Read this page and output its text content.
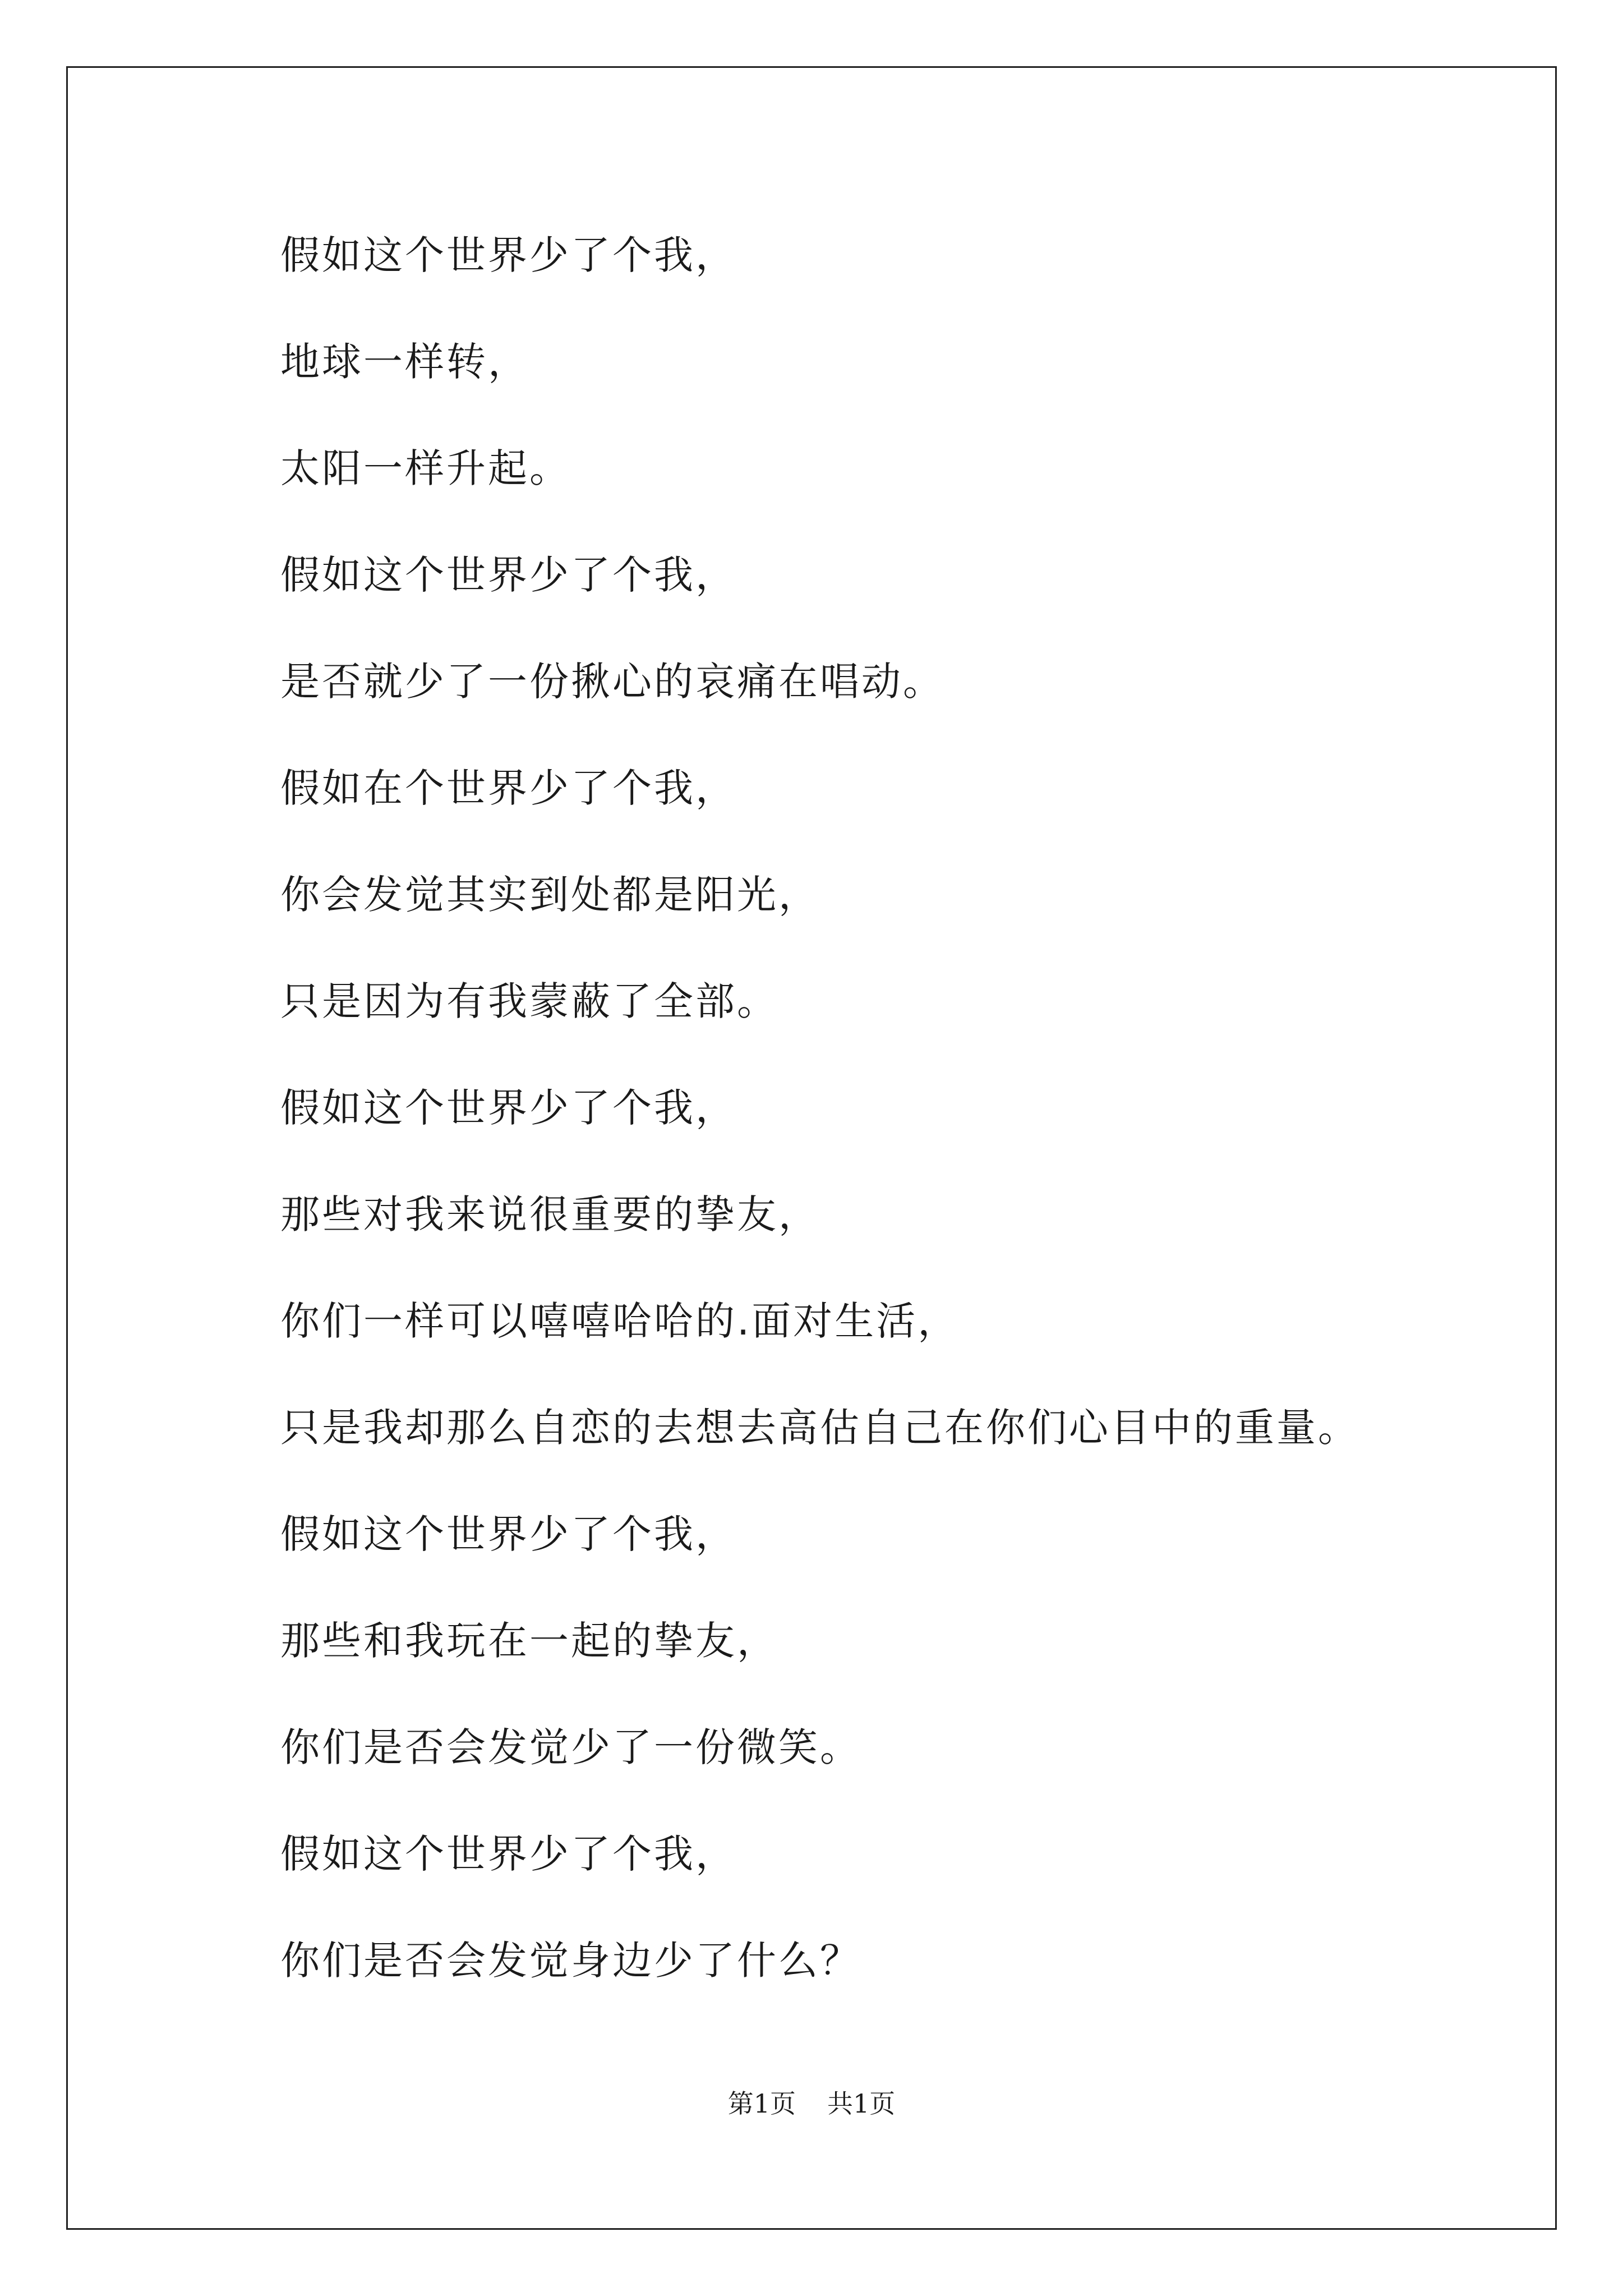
假如这个世界少了个我，
地球一样转，
太阳一样升起。
假如这个世界少了个我，
是否就少了一份揪心的哀痛在唱动。
假如在个世界少了个我，
你会发觉其实到处都是阳光，
只是因为有我蒙蔽了全部。
假如这个世界少了个我，
那些对我来说很重要的挚友，
你们一样可以嘻嘻哈哈的.面对生活，
只是我却那么自恋的去想去高估自己在你们心目中的重量。
假如这个世界少了个我，
那些和我玩在一起的挚友，
你们是否会发觉少了一份微笑。
假如这个世界少了个我，
你们是否会发觉身边少了什么？
第1页 共1页
